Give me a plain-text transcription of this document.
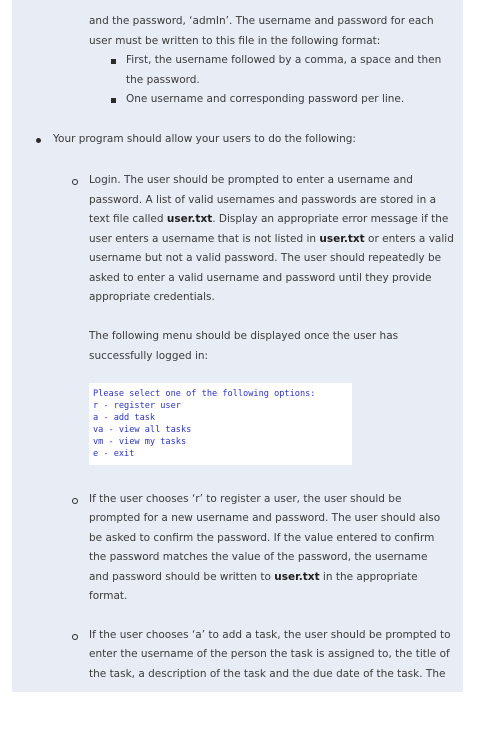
and the password, ‘admIn’. The username and password for each
user must be written to this file in the following format:
First, the username followed by a comma, a space and then
the password.
One username and corresponding password per line.
Your program should allow your users to do the following:
Login. The user should be prompted to enter a username and
password. A list of valid usernames and passwords are stored in a
text file called user.txt. Display an appropriate error message if the
user enters a username that is not listed in user.txt or enters a valid
username but not a valid password. The user should repeatedly be
asked to enter a valid username and password until they provide
appropriate credentials.
The following menu should be displayed once the user has
successfully logged in:
Please select one of the following options:
r - register user
a - add task
va - view all tasks
vm - view my tasks
e - exit
If the user chooses ‘r’ to register a user, the user should be
prompted for a new username and password. The user should also
be asked to confirm the password. If the value entered to confirm
the password matches the value of the password, the username
and password should be written to user.txt in the appropriate
format.
If the user chooses ‘a’ to add a task, the user should be prompted to
enter the username of the person the task is assigned to, the title of
the task, a description of the task and the due date of the task. The
